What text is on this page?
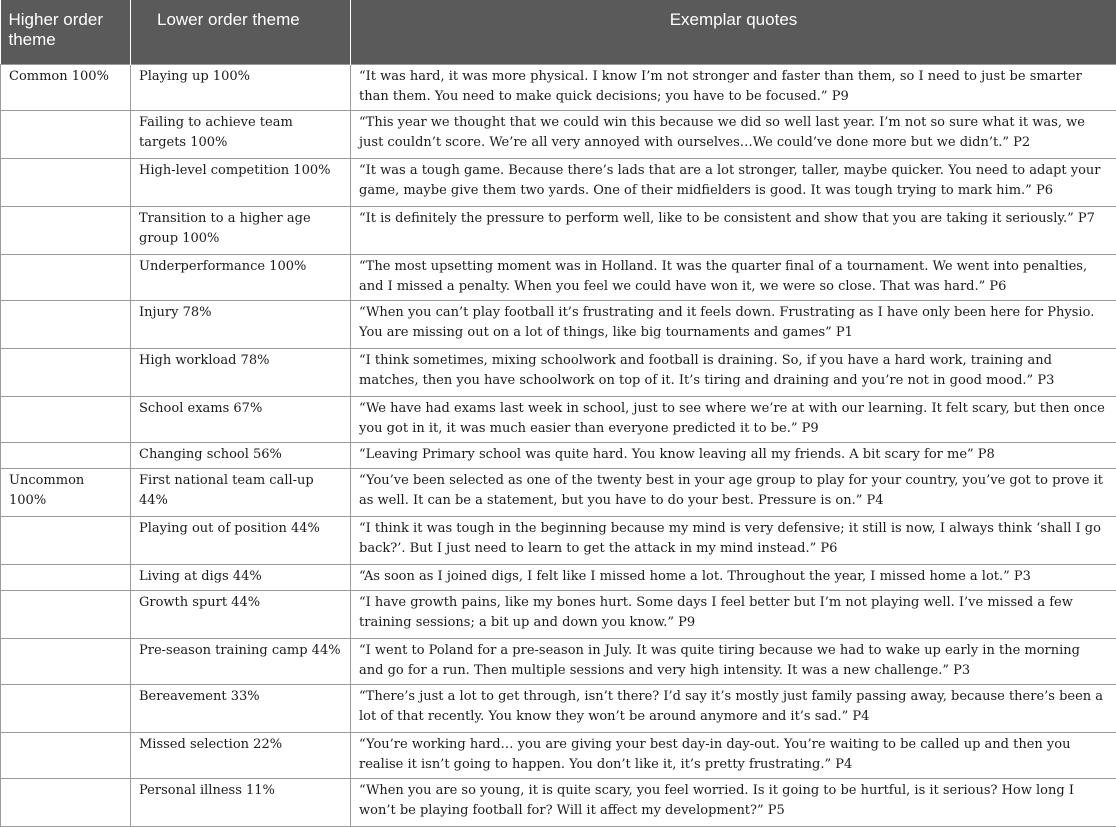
Higher order theme	Lower order theme	Exemplar quotes

Common 100%	Playing up 100%	“It was hard, it was more physical. I know I’m not stronger and faster than them, so I need to just be smarter than them. You need to make quick decisions; you have to be focused.” P9
	Failing to achieve team targets 100%	“This year we thought that we could win this because we did so well last year. I’m not so sure what it was, we just couldn’t score. We’re all very annoyed with ourselves…We could’ve done more but we didn’t.” P2
	High-level competition 100%	“It was a tough game. Because there’s lads that are a lot stronger, taller, maybe quicker. You need to adapt your game, maybe give them two yards. One of their midfielders is good. It was tough trying to mark him.” P6
	Transition to a higher age group 100%	“It is definitely the pressure to perform well, like to be consistent and show that you are taking it seriously.” P7
	Underperformance 100%	“The most upsetting moment was in Holland. It was the quarter final of a tournament. We went into penalties, and I missed a penalty. When you feel we could have won it, we were so close. That was hard.” P6
	Injury 78%	“When you can’t play football it’s frustrating and it feels down. Frustrating as I have only been here for Physio. You are missing out on a lot of things, like big tournaments and games” P1
	High workload 78%	“I think sometimes, mixing schoolwork and football is draining. So, if you have a hard work, training and matches, then you have schoolwork on top of it. It’s tiring and draining and you’re not in good mood.” P3
	School exams 67%	“We have had exams last week in school, just to see where we’re at with our learning. It felt scary, but then once you got in it, it was much easier than everyone predicted it to be.” P9
	Changing school 56%	“Leaving Primary school was quite hard. You know leaving all my friends. A bit scary for me” P8
Uncommon 100%	First national team call-up 44%	“You’ve been selected as one of the twenty best in your age group to play for your country, you’ve got to prove it as well. It can be a statement, but you have to do your best. Pressure is on.” P4
	Playing out of position 44%	“I think it was tough in the beginning because my mind is very defensive; it still is now, I always think ‘shall I go back?’. But I just need to learn to get the attack in my mind instead.” P6
	Living at digs 44%	“As soon as I joined digs, I felt like I missed home a lot. Throughout the year, I missed home a lot.” P3
	Growth spurt 44%	“I have growth pains, like my bones hurt. Some days I feel better but I’m not playing well. I’ve missed a few training sessions; a bit up and down you know.” P9
	Pre-season training camp 44%	“I went to Poland for a pre-season in July. It was quite tiring because we had to wake up early in the morning and go for a run. Then multiple sessions and very high intensity. It was a new challenge.” P3
	Bereavement 33%	“There’s just a lot to get through, isn’t there? I’d say it’s mostly just family passing away, because there’s been a lot of that recently. You know they won’t be around anymore and it’s sad.” P4
	Missed selection 22%	“You’re working hard… you are giving your best day-in day-out. You’re waiting to be called up and then you realise it isn’t going to happen. You don’t like it, it’s pretty frustrating.” P4
	Personal illness 11%	“When you are so young, it is quite scary, you feel worried. Is it going to be hurtful, is it serious? How long I won’t be playing football for? Will it affect my development?” P5
